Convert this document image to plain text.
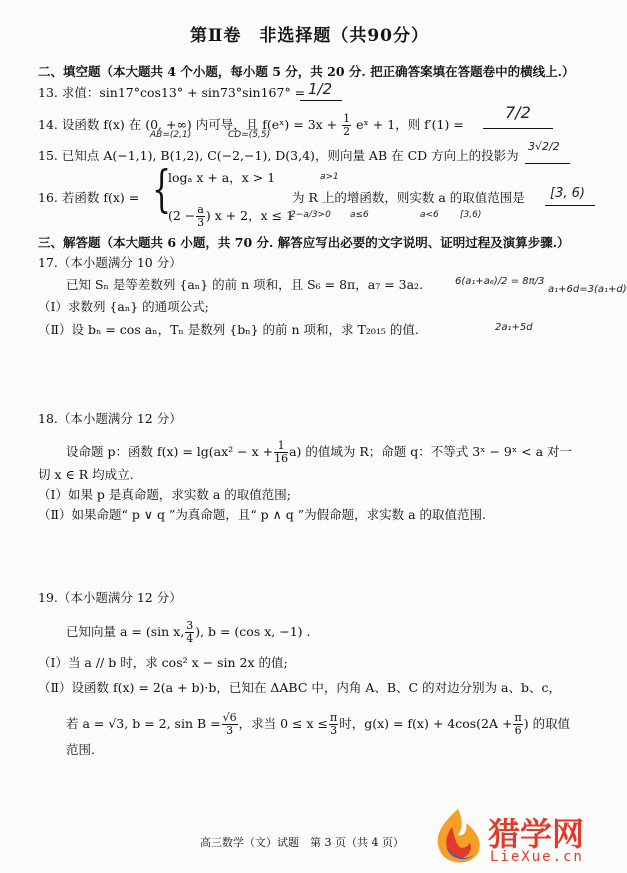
第Ⅱ卷　非选择题（共90分）
二、填空题（本大题共 4 个小题，每小题 5 分，共 20 分. 把正确答案填在答题卷中的横线上.）
13. 求值：sin17°cos13° + sin73°sin167° = 1/2
14. 设函数 f(x) 在 (0, +∞) 内可导，且 f(eˣ) = $3x + \frac{1}{2}$ eˣ + 1，则 f′(1) =
7/2
AB=(2,1)	CD=(5,5)
15. 已知点 A(−1,1), B(1,2), C(−2,−1), D(3,4)，则向量 AB 在 CD 方向上的投影为
3√2/2
16. 若函数 f(x) = {
logₐ x + a，x > 1
($2 - \frac{a}{3}$ ) x + 2，x ≤ 1
为 R 上的增函数，则实数 a 的取值范围是 [3, 6)
a>1
2−a/3>0 a≤6	a<6 [3,6)
三、解答题（本大题共 6 小题，共 70 分. 解答应写出必要的文字说明、证明过程及演算步骤.）
17.（本小题满分 10 分）
已知 Sₙ 是等差数列 {aₙ} 的前 n 项和，且 S₆ = 8π，a₇ = 3a₂.
（Ⅰ）求数列 {aₙ} 的通项公式;
（Ⅱ）设 bₙ = cos aₙ，Tₙ 是数列 {bₙ} 的前 n 项和，求 T₂₀₁₅ 的值.
6(a₁+a₆)/2 = 8π/3
a₁+6d=3(a₁+d)
2a₁+5d
18.（本小题满分 12 分）
设命题 p：函数 $f(x) = \lg(ax^2 - x + \frac{1}{16} a)$ 的值域为 R；命题 q：不等式 3ˣ − 9ˣ < a 对一
切 x ∈ R 均成立.
（Ⅰ）如果 p 是真命题，求实数 a 的取值范围;
（Ⅱ）如果命题“ p ∨ q ”为真命题，且“ p ∧ q ”为假命题，求实数 a 的取值范围.
19.（本小题满分 12 分）
已知向量 a = (sin x, $\frac{3}{4}$ ), b = (cos x, −1) .
（Ⅰ）当 a // b 时，求 cos² x − sin 2x 的值;
（Ⅱ）设函数 f(x) = 2(a + b)·b，已知在 ΔABC 中，内角 A、B、C 的对边分别为 a、b、c，
若 a = √3, b = 2, $\sin B = \frac{√6}{3}$ ，求当 $0 \le x \le \frac{\pi}{3}$ 时，$g(x) = f(x) + 4\cos(2A + \frac{\pi}{6}$ ) 的取值
范围.
高三数学（文）试题　第 3 页（共 4 页）	猎学网
LieXue.cn
